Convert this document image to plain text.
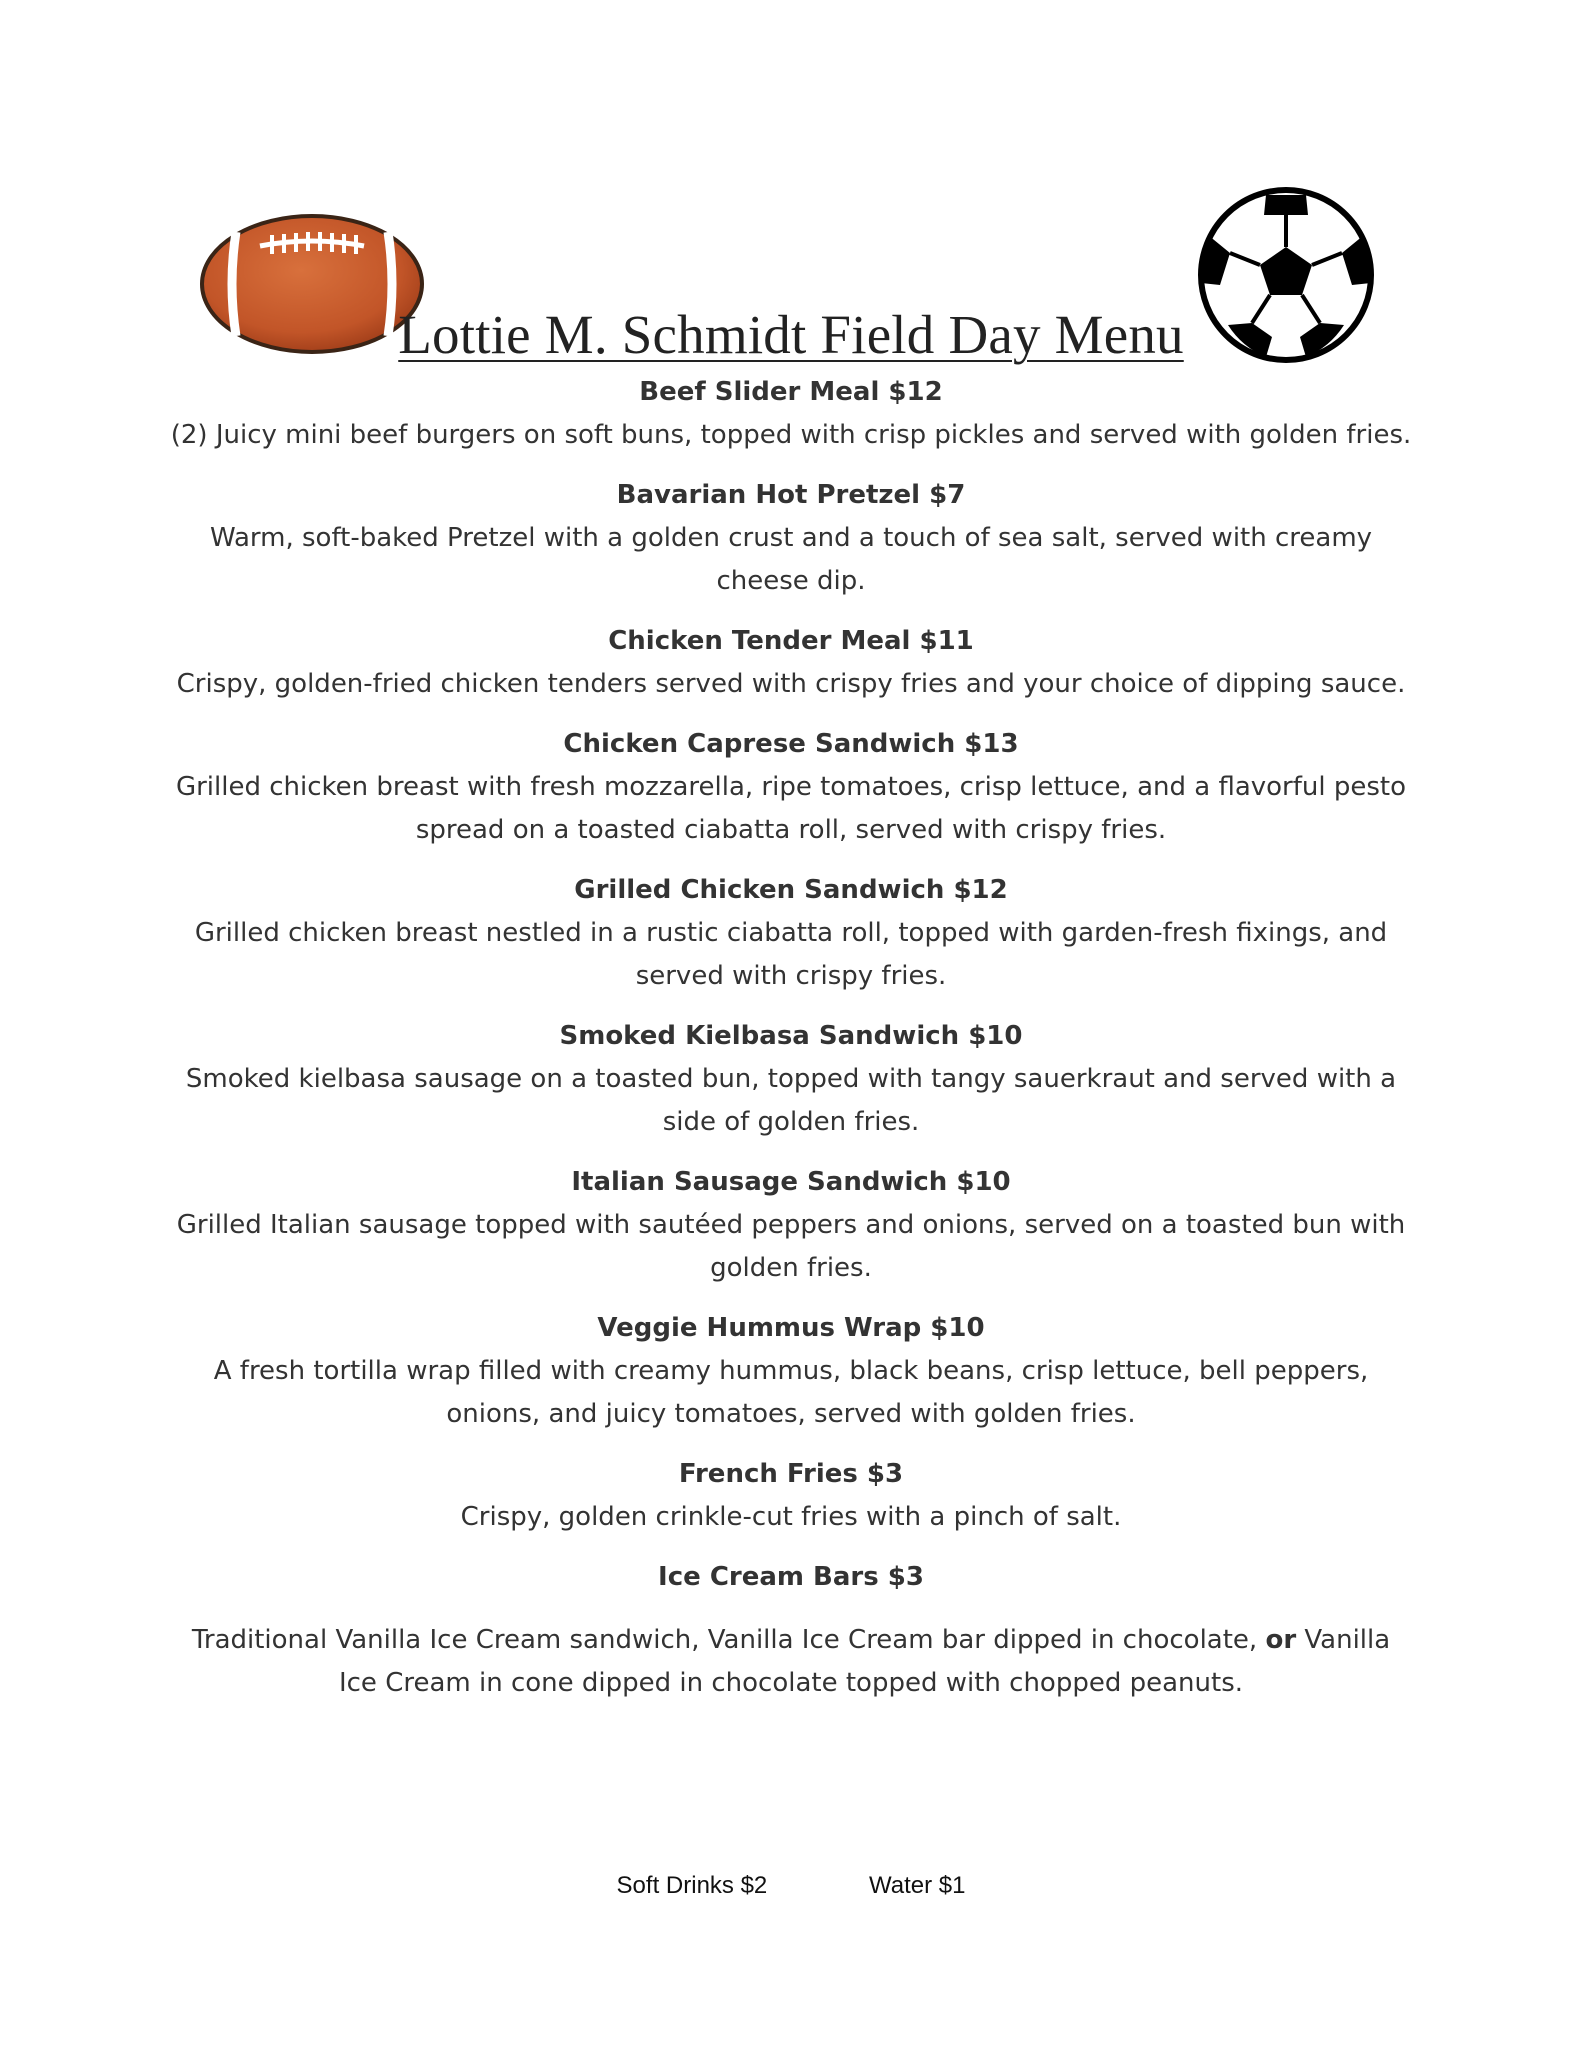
Lottie M. Schmidt Field Day Menu
Beef Slider Meal $12
(2) Juicy mini beef burgers on soft buns, topped with crisp pickles and served with golden fries.
Bavarian Hot Pretzel $7
Warm, soft-baked Pretzel with a golden crust and a touch of sea salt, served with creamy cheese dip.
Chicken Tender Meal $11
Crispy, golden-fried chicken tenders served with crispy fries and your choice of dipping sauce.
Chicken Caprese Sandwich $13
Grilled chicken breast with fresh mozzarella, ripe tomatoes, crisp lettuce, and a flavorful pesto spread on a toasted ciabatta roll, served with crispy fries.
Grilled Chicken Sandwich $12
Grilled chicken breast nestled in a rustic ciabatta roll, topped with garden-fresh fixings, and served with crispy fries.
Smoked Kielbasa Sandwich $10
Smoked kielbasa sausage on a toasted bun, topped with tangy sauerkraut and served with a side of golden fries.
Italian Sausage Sandwich $10
Grilled Italian sausage topped with sautéed peppers and onions, served on a toasted bun with golden fries.
Veggie Hummus Wrap $10
A fresh tortilla wrap filled with creamy hummus, black beans, crisp lettuce, bell peppers, onions, and juicy tomatoes, served with golden fries.
French Fries $3
Crispy, golden crinkle-cut fries with a pinch of salt.
Ice Cream Bars $3
Traditional Vanilla Ice Cream sandwich, Vanilla Ice Cream bar dipped in chocolate, or Vanilla Ice Cream in cone dipped in chocolate topped with chopped peanuts.
Soft Drinks $2	Water $1
